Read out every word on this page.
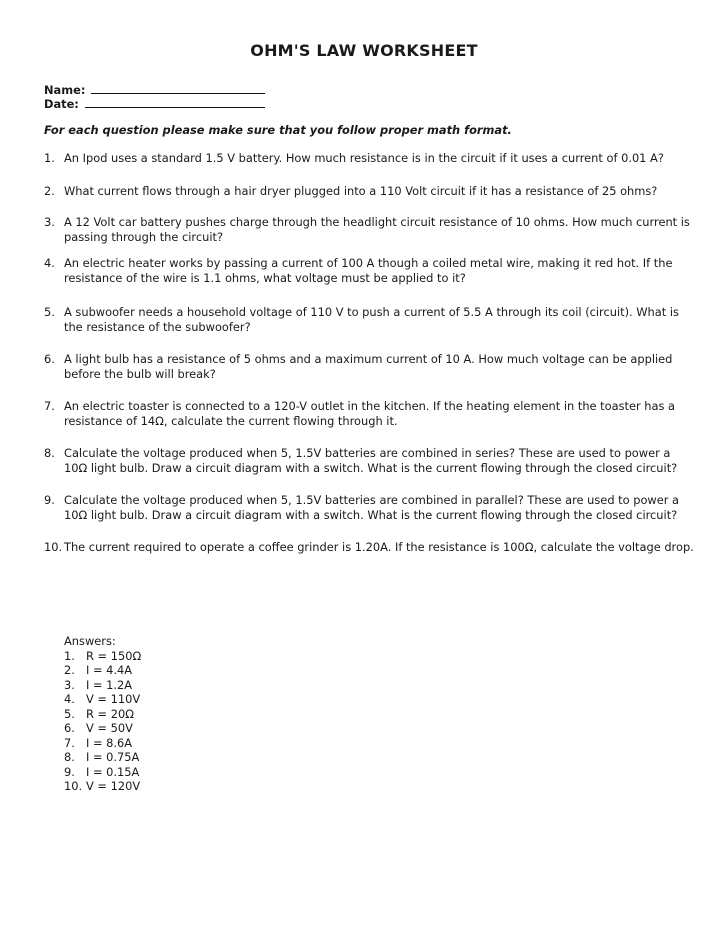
OHM'S LAW WORKSHEET
Name:
Date:
For each question please make sure that you follow proper math format.
1. An Ipod uses a standard 1.5 V battery. How much resistance is in the circuit if it uses a current of 0.01 A?
2. What current flows through a hair dryer plugged into a 110 Volt circuit if it has a resistance of 25 ohms?
3. A 12 Volt car battery pushes charge through the headlight circuit resistance of 10 ohms. How much current is passing through the circuit?
4. An electric heater works by passing a current of 100 A though a coiled metal wire, making it red hot. If the resistance of the wire is 1.1 ohms, what voltage must be applied to it?
5. A subwoofer needs a household voltage of 110 V to push a current of 5.5 A through its coil (circuit). What is the resistance of the subwoofer?
6. A light bulb has a resistance of 5 ohms and a maximum current of 10 A. How much voltage can be applied before the bulb will break?
7. An electric toaster is connected to a 120-V outlet in the kitchen. If the heating element in the toaster has a resistance of 14Ω, calculate the current flowing through it.
8. Calculate the voltage produced when 5, 1.5V batteries are combined in series? These are used to power a 10Ω light bulb. Draw a circuit diagram with a switch. What is the current flowing through the closed circuit?
9. Calculate the voltage produced when 5, 1.5V batteries are combined in parallel? These are used to power a 10Ω light bulb. Draw a circuit diagram with a switch. What is the current flowing through the closed circuit?
10. The current required to operate a coffee grinder is 1.20A. If the resistance is 100Ω, calculate the voltage drop.
Answers:
1. R = 150Ω
2. I = 4.4A
3. I = 1.2A
4. V = 110V
5. R = 20Ω
6. V = 50V
7. I = 8.6A
8. I = 0.75A
9. I = 0.15A
10. V = 120V
